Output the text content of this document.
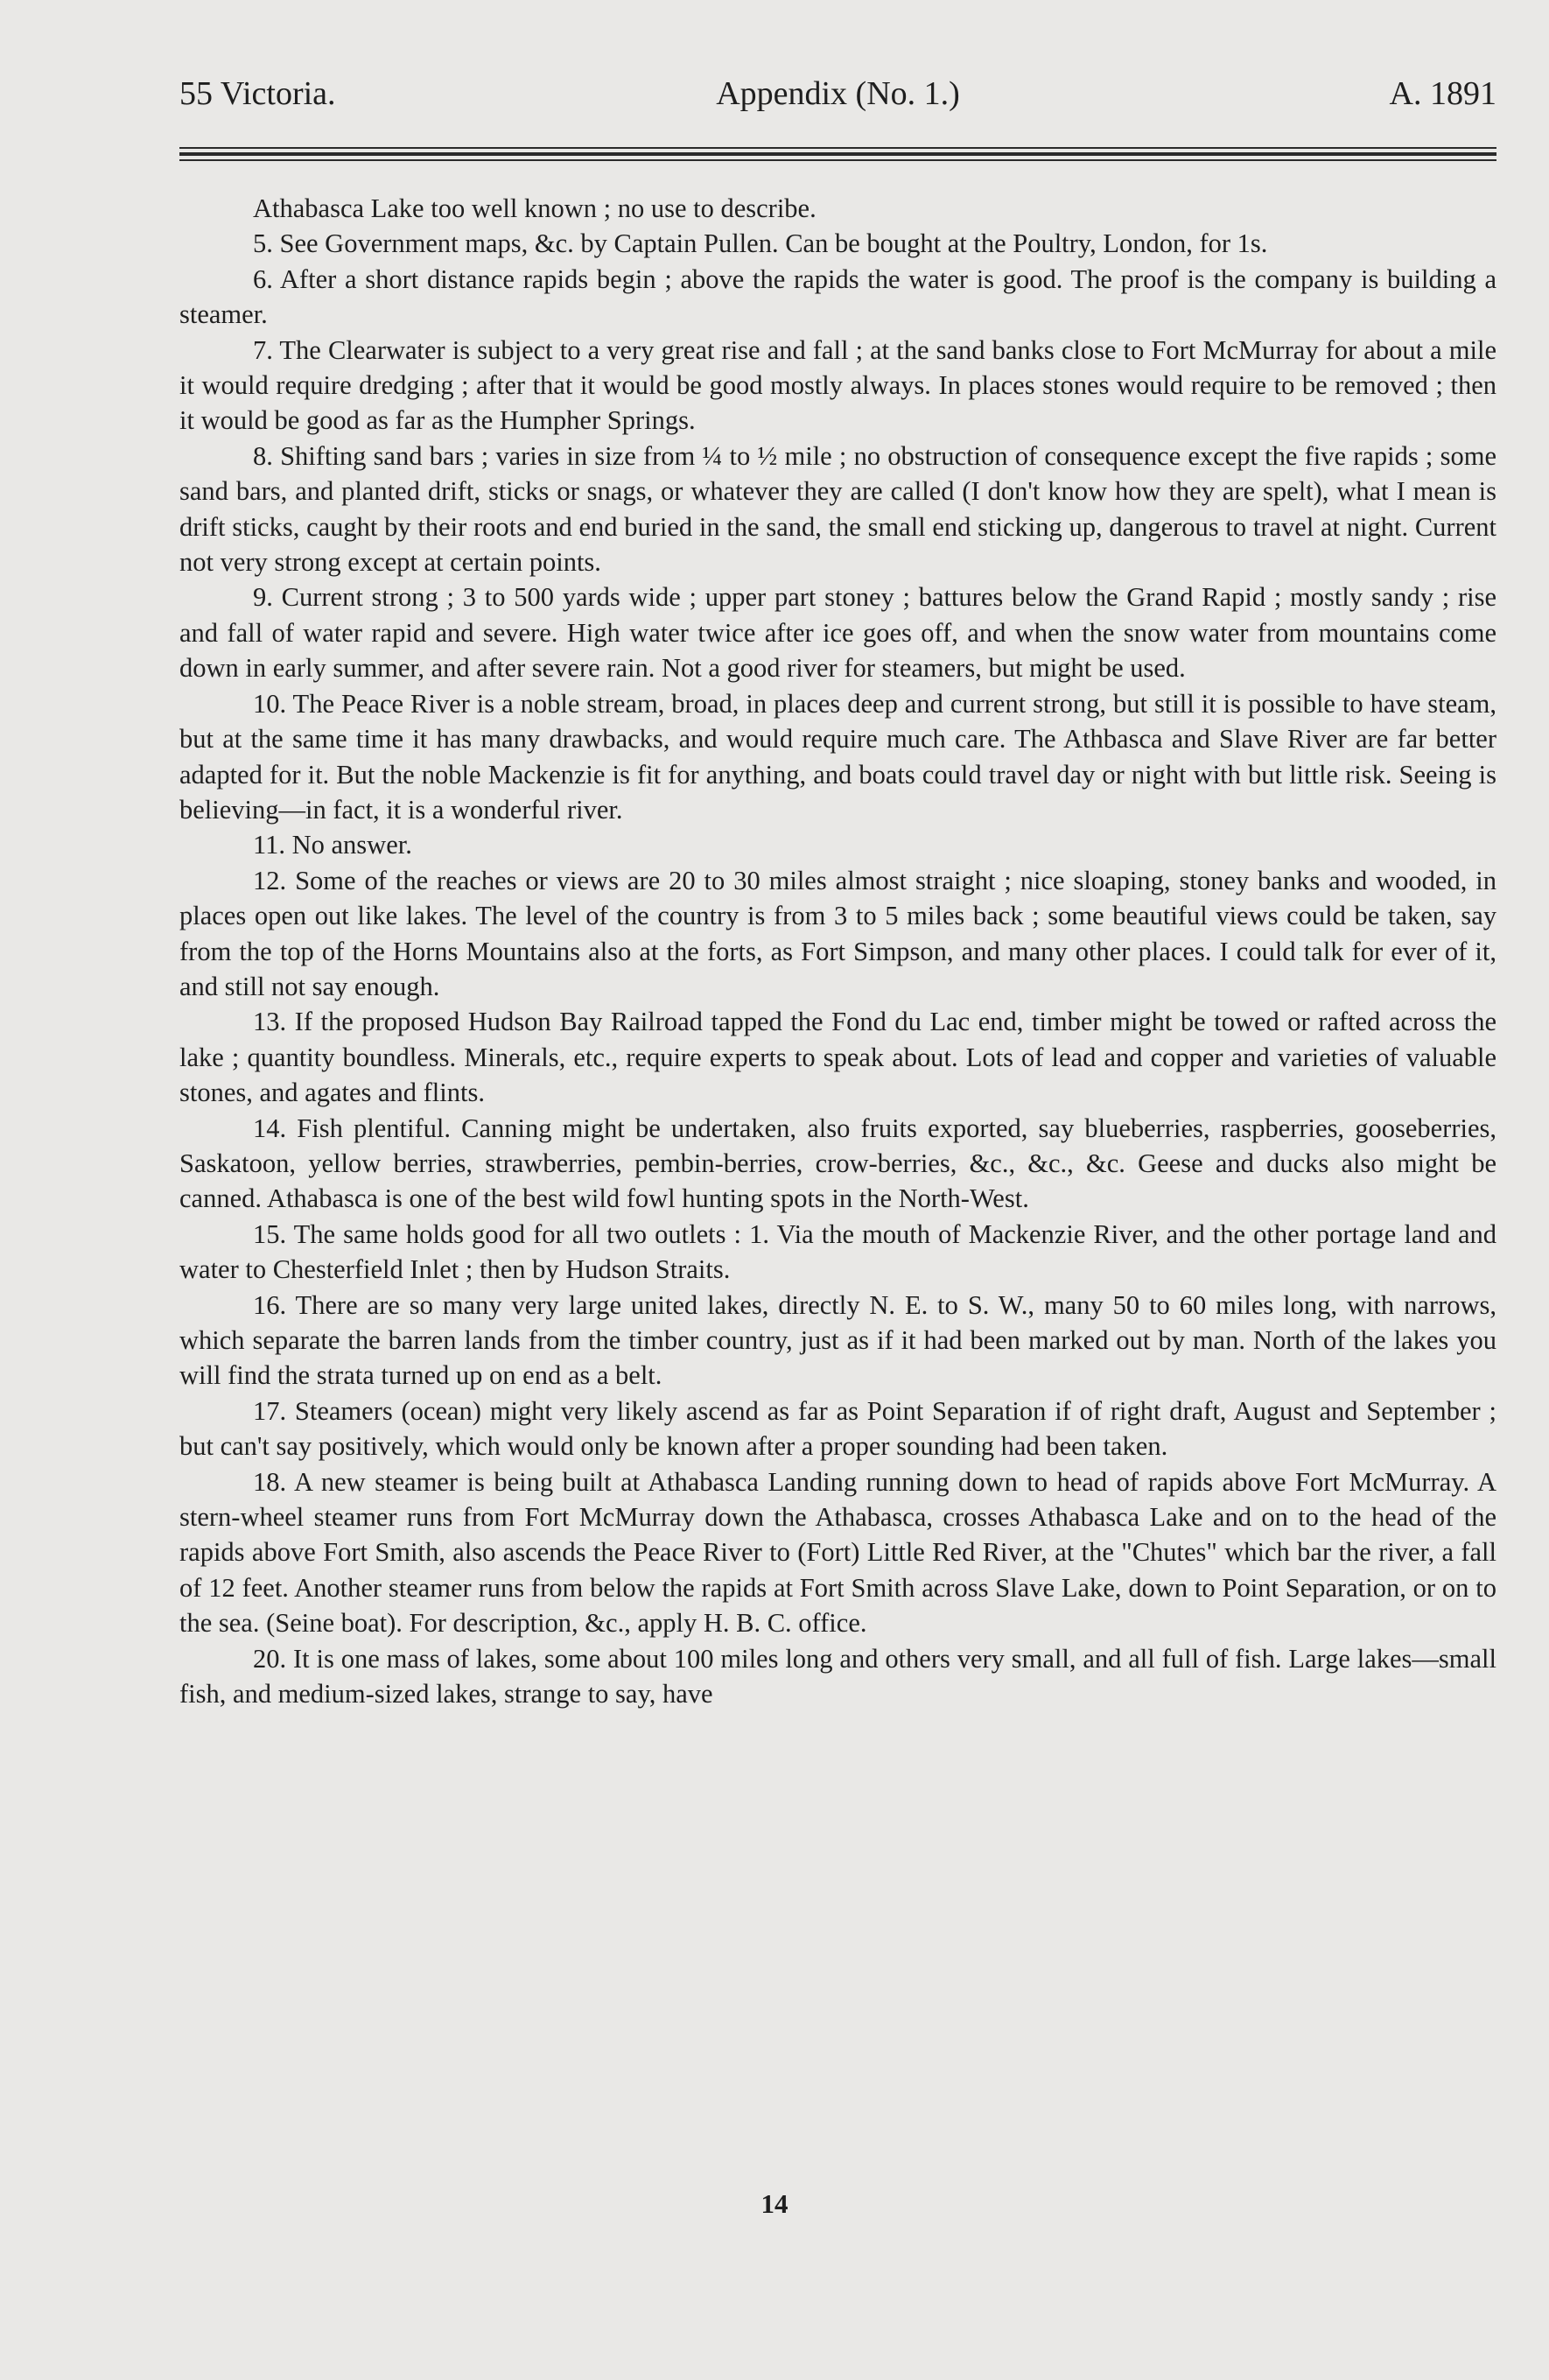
55 Victoria.	Appendix (No. 1.)	A. 1891

Athabasca Lake too well known ; no use to describe.

5. See Government maps, &c. by Captain Pullen. Can be bought at the Poultry, London, for 1s.

6. After a short distance rapids begin ; above the rapids the water is good. The proof is the company is building a steamer.

7. The Clearwater is subject to a very great rise and fall ; at the sand banks close to Fort McMurray for about a mile it would require dredging ; after that it would be good mostly always. In places stones would require to be removed ; then it would be good as far as the Humpher Springs.

8. Shifting sand bars ; varies in size from ¼ to ½ mile ; no obstruction of consequence except the five rapids ; some sand bars, and planted drift, sticks or snags, or whatever they are called (I don't know how they are spelt), what I mean is drift sticks, caught by their roots and end buried in the sand, the small end sticking up, dangerous to travel at night. Current not very strong except at certain points.

9. Current strong ; 3 to 500 yards wide ; upper part stoney ; battures below the Grand Rapid ; mostly sandy ; rise and fall of water rapid and severe. High water twice after ice goes off, and when the snow water from mountains come down in early summer, and after severe rain. Not a good river for steamers, but might be used.

10. The Peace River is a noble stream, broad, in places deep and current strong, but still it is possible to have steam, but at the same time it has many drawbacks, and would require much care. The Athbasca and Slave River are far better adapted for it. But the noble Mackenzie is fit for anything, and boats could travel day or night with but little risk. Seeing is believing—in fact, it is a wonderful river.

11. No answer.

12. Some of the reaches or views are 20 to 30 miles almost straight ; nice sloaping, stoney banks and wooded, in places open out like lakes. The level of the country is from 3 to 5 miles back ; some beautiful views could be taken, say from the top of the Horns Mountains also at the forts, as Fort Simpson, and many other places. I could talk for ever of it, and still not say enough.

13. If the proposed Hudson Bay Railroad tapped the Fond du Lac end, timber might be towed or rafted across the lake ; quantity boundless. Minerals, etc., require experts to speak about. Lots of lead and copper and varieties of valuable stones, and agates and flints.

14. Fish plentiful. Canning might be undertaken, also fruits exported, say blueberries, raspberries, gooseberries, Saskatoon, yellow berries, strawberries, pembin-berries, crow-berries, &c., &c., &c. Geese and ducks also might be canned. Athabasca is one of the best wild fowl hunting spots in the North-West.

15. The same holds good for all two outlets : 1. Via the mouth of Mackenzie River, and the other portage land and water to Chesterfield Inlet ; then by Hudson Straits.

16. There are so many very large united lakes, directly N. E. to S. W., many 50 to 60 miles long, with narrows, which separate the barren lands from the timber country, just as if it had been marked out by man. North of the lakes you will find the strata turned up on end as a belt.

17. Steamers (ocean) might very likely ascend as far as Point Separation if of right draft, August and September ; but can't say positively, which would only be known after a proper sounding had been taken.

18. A new steamer is being built at Athabasca Landing running down to head of rapids above Fort McMurray. A stern-wheel steamer runs from Fort McMurray down the Athabasca, crosses Athabasca Lake and on to the head of the rapids above Fort Smith, also ascends the Peace River to (Fort) Little Red River, at the "Chutes" which bar the river, a fall of 12 feet. Another steamer runs from below the rapids at Fort Smith across Slave Lake, down to Point Separation, or on to the sea. (Seine boat). For description, &c., apply H. B. C. office.

20. It is one mass of lakes, some about 100 miles long and others very small, and all full of fish. Large lakes—small fish, and medium-sized lakes, strange to say, have

14
